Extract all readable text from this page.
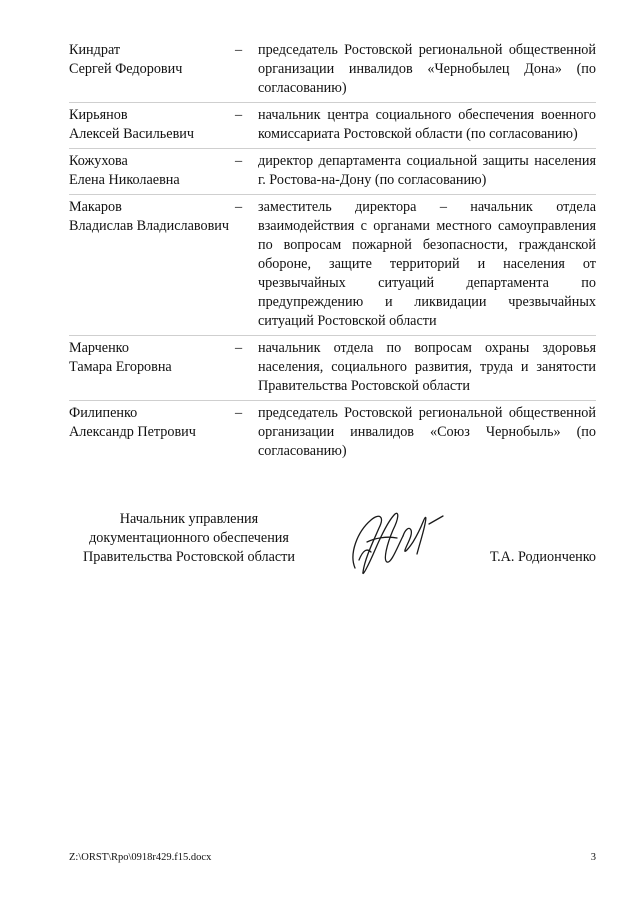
Киндрат
Сергей Федорович
–	председатель Ростовской региональной общественной организации инвалидов «Чернобылец Дона» (по согласованию)
Кирьянов
Алексей Васильевич
–	начальник центра социального обеспечения военного комиссариата Ростовской области (по согласованию)
Кожухова
Елена Николаевна
–	директор департамента социальной защиты населения г. Ростова-на-Дону (по согласованию)
Макаров
Владислав Владиславович
–	заместитель директора – начальник отдела взаимодействия с органами местного самоуправления по вопросам пожарной безопасности, гражданской обороне, защите территорий и населения от чрезвычайных ситуаций департамента по предупреждению и ликвидации чрезвычайных ситуаций Ростовской области
Марченко
Тамара Егоровна
–	начальник отдела по вопросам охраны здоровья населения, социального развития, труда и занятости Правительства Ростовской области
Филипенко
Александр Петрович
–	председатель Ростовской региональной общественной организации инвалидов «Союз Чернобыль» (по согласованию)
Начальник управления
документационного обеспечения
Правительства Ростовской области	Т.А. Родионченко
Z:\ORST\Rpo\0918r429.f15.docx	3
